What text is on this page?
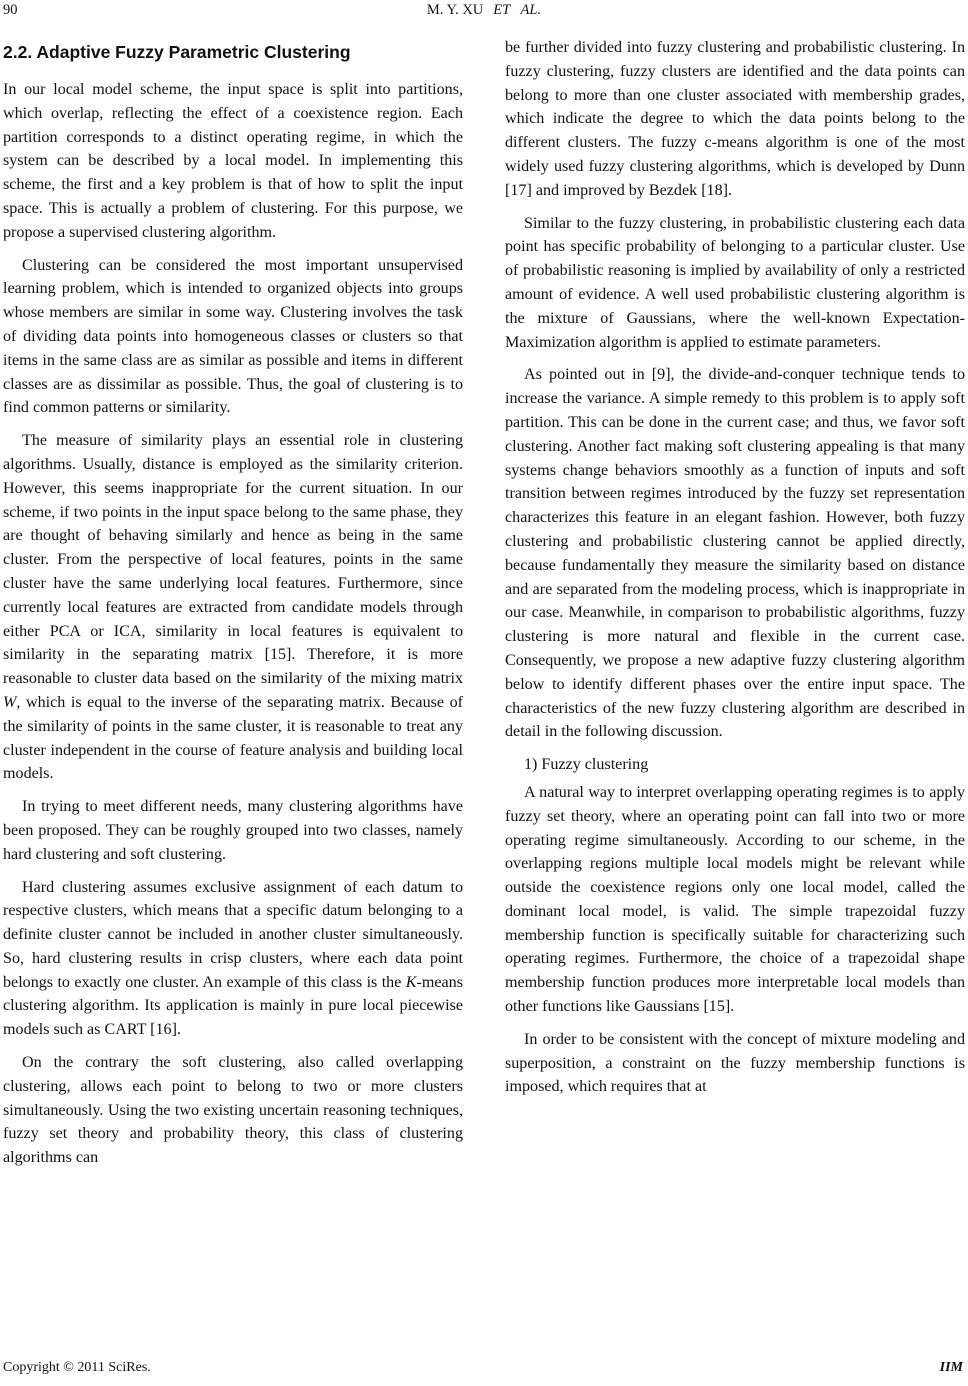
90	M. Y. XU ET   AL.
2.2. Adaptive Fuzzy Parametric Clustering

In our local model scheme, the input space is split into partitions, which overlap, reflecting the effect of a coexistence region. Each partition corresponds to a distinct operating regime, in which the system can be described by a local model. In implementing this scheme, the first and a key problem is that of how to split the input space. This is actually a problem of clustering. For this purpose, we propose a supervised clustering algorithm.

Clustering can be considered the most important unsupervised learning problem, which is intended to organized objects into groups whose members are similar in some way. Clustering involves the task of dividing data points into homogeneous classes or clusters so that items in the same class are as similar as possible and items in different classes are as dissimilar as possible. Thus, the goal of clustering is to find common patterns or similarity.

The measure of similarity plays an essential role in clustering algorithms. Usually, distance is employed as the similarity criterion. However, this seems inappropriate for the current situation. In our scheme, if two points in the input space belong to the same phase, they are thought of behaving similarly and hence as being in the same cluster. From the perspective of local features, points in the same cluster have the same underlying local features. Furthermore, since currently local features are extracted from candidate models through either PCA or ICA, similarity in local features is equivalent to similarity in the separating matrix [15]. Therefore, it is more reasonable to cluster data based on the similarity of the mixing matrix W, which is equal to the inverse of the separating matrix. Because of the similarity of points in the same cluster, it is reasonable to treat any cluster independent in the course of feature analysis and building local models.

In trying to meet different needs, many clustering algorithms have been proposed. They can be roughly grouped into two classes, namely hard clustering and soft clustering.

Hard clustering assumes exclusive assignment of each datum to respective clusters, which means that a specific datum belonging to a definite cluster cannot be included in another cluster simultaneously. So, hard clustering results in crisp clusters, where each data point belongs to exactly one cluster. An example of this class is the K-means clustering algorithm. Its application is mainly in pure local piecewise models such as CART [16].

On the contrary the soft clustering, also called overlapping clustering, allows each point to belong to two or more clusters simultaneously. Using the two existing uncertain reasoning techniques, fuzzy set theory and probability theory, this class of clustering algorithms can

be further divided into fuzzy clustering and probabilistic clustering. In fuzzy clustering, fuzzy clusters are identified and the data points can belong to more than one cluster associated with membership grades, which indicate the degree to which the data points belong to the different clusters. The fuzzy c-means algorithm is one of the most widely used fuzzy clustering algorithms, which is developed by Dunn [17] and improved by Bezdek [18].

Similar to the fuzzy clustering, in probabilistic clustering each data point has specific probability of belonging to a particular cluster. Use of probabilistic reasoning is implied by availability of only a restricted amount of evidence. A well used probabilistic clustering algorithm is the mixture of Gaussians, where the well-known Expectation-Maximization algorithm is applied to estimate parameters.

As pointed out in [9], the divide-and-conquer technique tends to increase the variance. A simple remedy to this problem is to apply soft partition. This can be done in the current case; and thus, we favor soft clustering. Another fact making soft clustering appealing is that many systems change behaviors smoothly as a function of inputs and soft transition between regimes introduced by the fuzzy set representation characterizes this feature in an elegant fashion. However, both fuzzy clustering and probabilistic clustering cannot be applied directly, because fundamentally they measure the similarity based on distance and are separated from the modeling process, which is inappropriate in our case. Meanwhile, in comparison to probabilistic algorithms, fuzzy clustering is more natural and flexible in the current case. Consequently, we propose a new adaptive fuzzy clustering algorithm below to identify different phases over the entire input space. The characteristics of the new fuzzy clustering algorithm are described in detail in the following discussion.

1) Fuzzy clustering

A natural way to interpret overlapping operating regimes is to apply fuzzy set theory, where an operating point can fall into two or more operating regime simultaneously. According to our scheme, in the overlapping regions multiple local models might be relevant while outside the coexistence regions only one local model, called the dominant local model, is valid. The simple trapezoidal fuzzy membership function is specifically suitable for characterizing such operating regimes. Furthermore, the choice of a trapezoidal shape membership function produces more interpretable local models than other functions like Gaussians [15].

In order to be consistent with the concept of mixture modeling and superposition, a constraint on the fuzzy membership functions is imposed, which requires that at

Copyright © 2011 SciRes.	IIM
